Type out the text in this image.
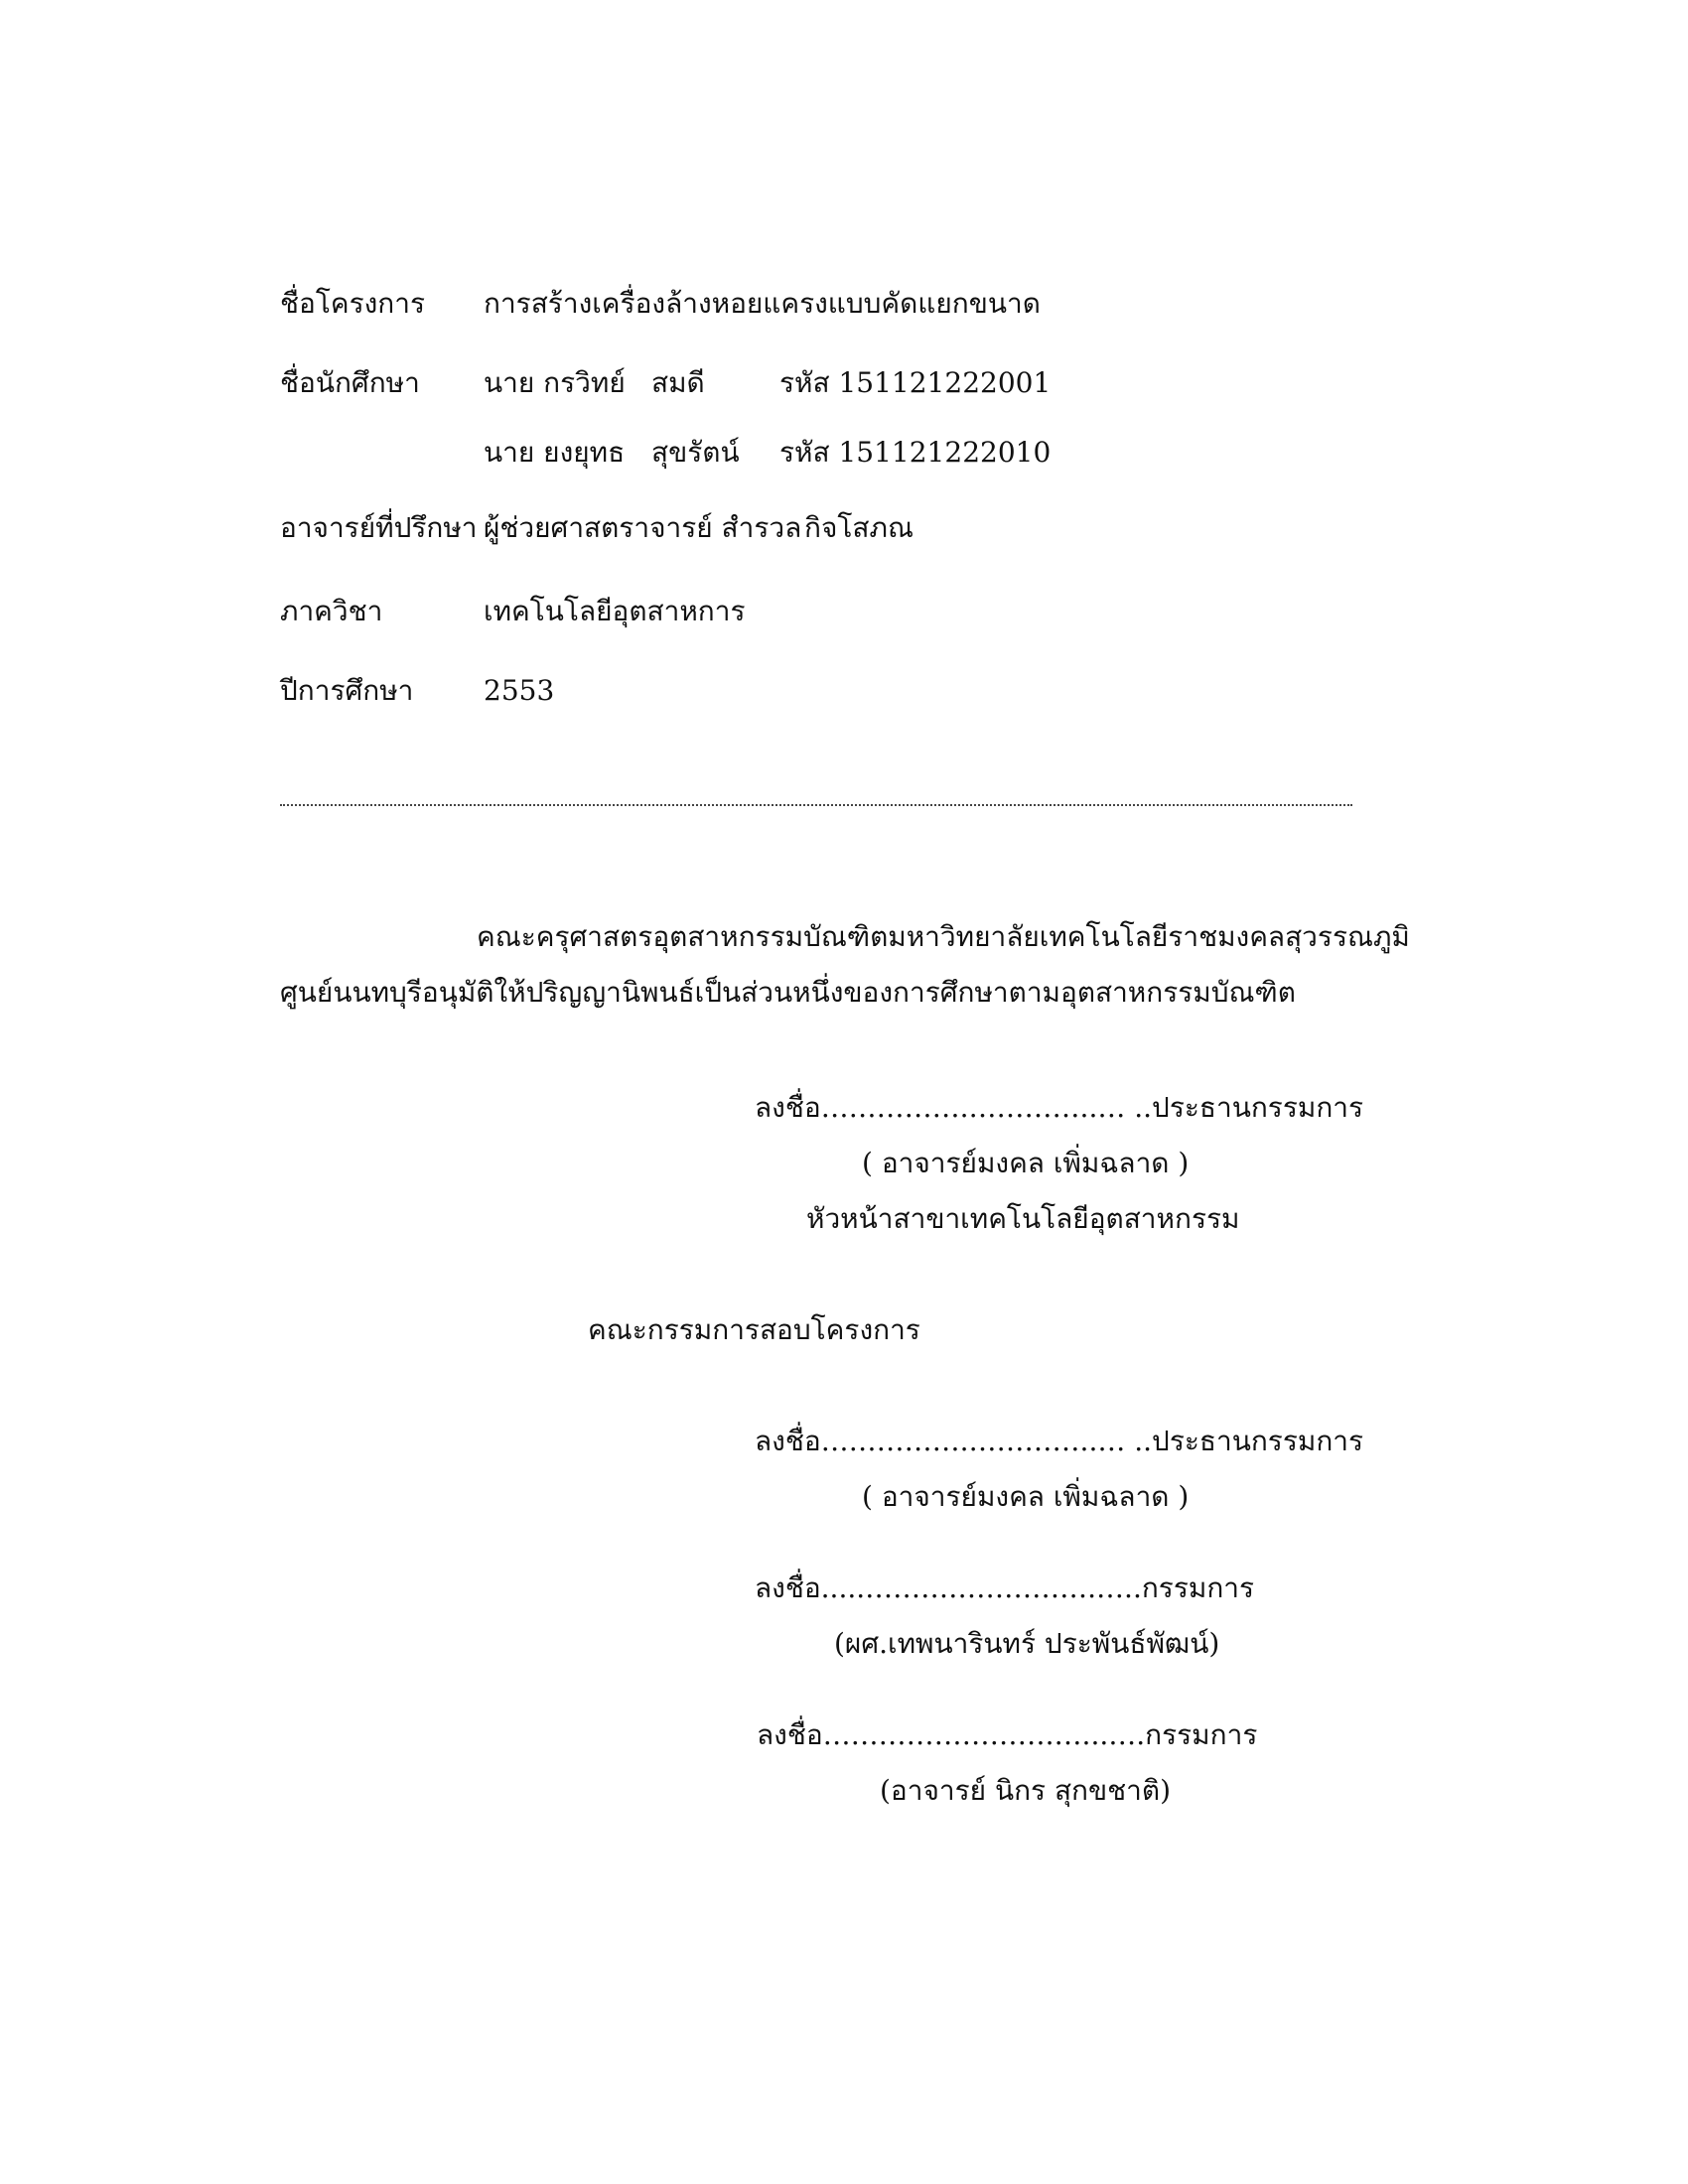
ชื่อโครงการ การสร้างเครื่องล้างหอยแครงแบบคัดแยกขนาด
ชื่อนักศึกษา นาย กรวิทย์ สมดี	รหัส 151121222001
นาย ยงยุทธ สุขรัตน์ รหัส 151121222010
อาจารย์ที่ปรึกษา ผู้ช่วยศาสตราจารย์ สำรวล กิจโสภณ
ภาควิชา	เทคโนโลยีอุตสาหการ
ปีการศึกษา	2553
คณะครุศาสตรอุตสาหกรรมบัณฑิตมหาวิทยาลัยเทคโนโลยีราชมงคลสุวรรณภูมิ
ศูนย์นนทบุรีอนุมัติให้ปริญญานิพนธ์เป็นส่วนหนึ่งของการศึกษาตามอุตสาหกรรมบัณฑิต
ลงชื่อ…………….…………..… ..ประธานกรรมการ
( อาจารย์มงคล เพิ่มฉลาด )
หัวหน้าสาขาเทคโนโลยีอุตสาหกรรม
คณะกรรมการสอบโครงการ
ลงชื่อ…………….…………..… ..ประธานกรรมการ
( อาจารย์มงคล เพิ่มฉลาด )
ลงชื่อ.....…………………….…..กรรมการ
(ผศ.เทพนารินทร์ ประพันธ์พัฒน์)
ลงชื่อ…………………….…...….กรรมการ
(อาจารย์ นิกร สุกขชาติ)
